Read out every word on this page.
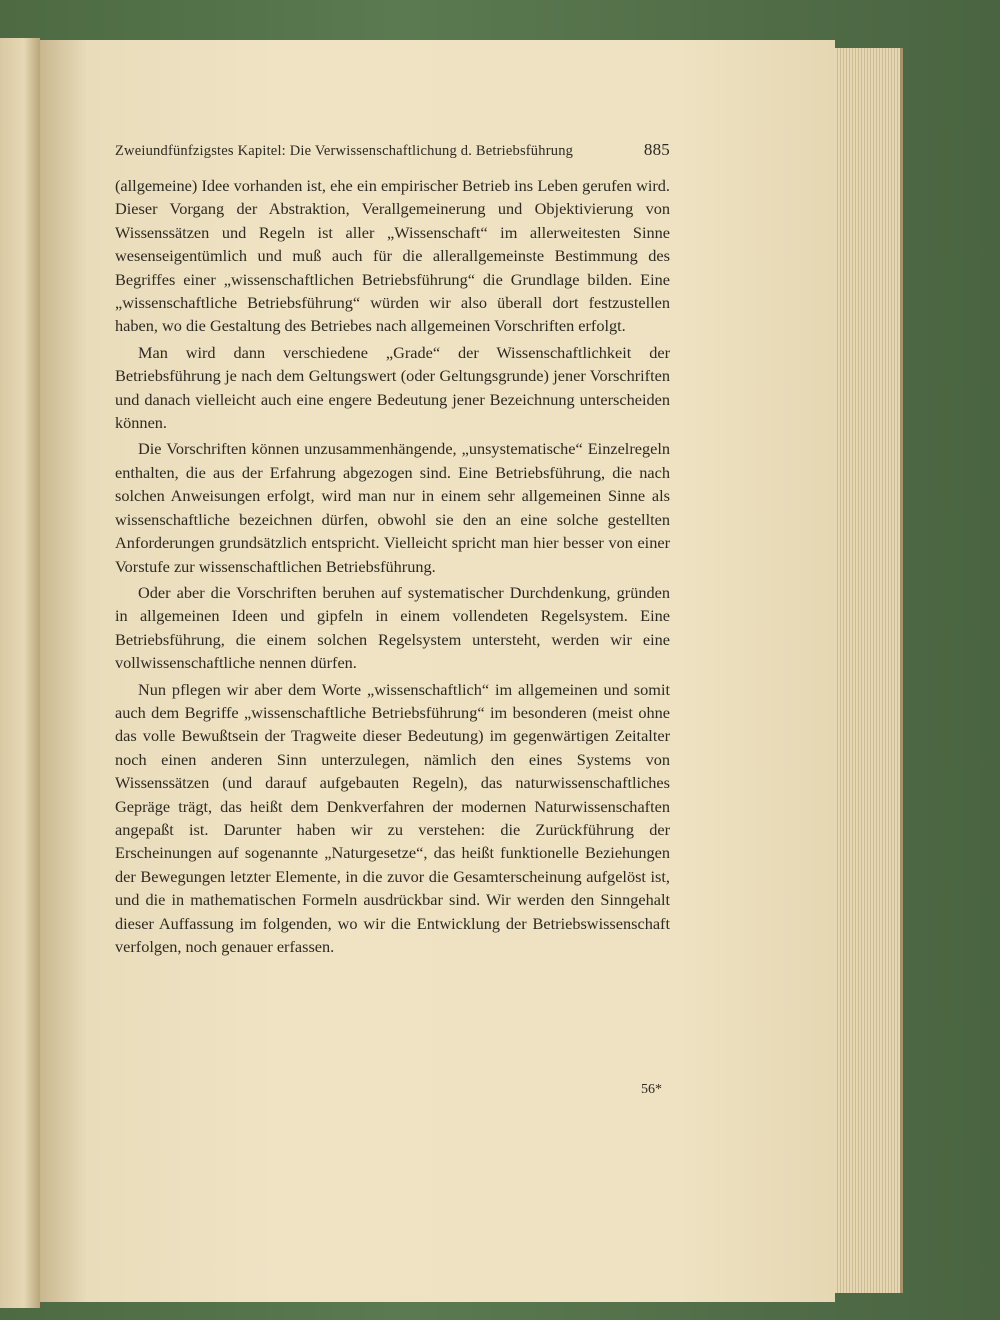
Zweiundfünfzigstes Kapitel: Die Verwissenschaftlichung d. Betriebsführung	885

(allgemeine) Idee vorhanden ist, ehe ein empirischer Betrieb ins Leben gerufen wird. Dieser Vorgang der Abstraktion, Verallgemeinerung und Objektivierung von Wissenssätzen und Regeln ist aller „Wissenschaft“ im allerweitesten Sinne wesenseigentümlich und muß auch für die allerallgemeinste Bestimmung des Begriffes einer „wissenschaftlichen Betriebsführung“ die Grundlage bilden. Eine „wissenschaftliche Betriebsführung“ würden wir also überall dort festzustellen haben, wo die Gestaltung des Betriebes nach allgemeinen Vorschriften erfolgt.

Man wird dann verschiedene „Grade“ der Wissenschaftlichkeit der Betriebsführung je nach dem Geltungswert (oder Geltungsgrunde) jener Vorschriften und danach vielleicht auch eine engere Bedeutung jener Bezeichnung unterscheiden können.

Die Vorschriften können unzusammenhängende, „unsystematische“ Einzelregeln enthalten, die aus der Erfahrung abgezogen sind. Eine Betriebsführung, die nach solchen Anweisungen erfolgt, wird man nur in einem sehr allgemeinen Sinne als wissenschaftliche bezeichnen dürfen, obwohl sie den an eine solche gestellten Anforderungen grundsätzlich entspricht. Vielleicht spricht man hier besser von einer Vorstufe zur wissenschaftlichen Betriebsführung.

Oder aber die Vorschriften beruhen auf systematischer Durchdenkung, gründen in allgemeinen Ideen und gipfeln in einem vollendeten Regelsystem. Eine Betriebsführung, die einem solchen Regelsystem untersteht, werden wir eine vollwissenschaftliche nennen dürfen.

Nun pflegen wir aber dem Worte „wissenschaftlich“ im allgemeinen und somit auch dem Begriffe „wissenschaftliche Betriebsführung“ im besonderen (meist ohne das volle Bewußtsein der Tragweite dieser Bedeutung) im gegenwärtigen Zeitalter noch einen anderen Sinn unterzulegen, nämlich den eines Systems von Wissenssätzen (und darauf aufgebauten Regeln), das naturwissenschaftliches Gepräge trägt, das heißt dem Denkverfahren der modernen Naturwissenschaften angepaßt ist. Darunter haben wir zu verstehen: die Zurückführung der Erscheinungen auf sogenannte „Naturgesetze“, das heißt funktionelle Beziehungen der Bewegungen letzter Elemente, in die zuvor die Gesamterscheinung aufgelöst ist, und die in mathematischen Formeln ausdrückbar sind. Wir werden den Sinngehalt dieser Auffassung im folgenden, wo wir die Entwicklung der Betriebswissenschaft verfolgen, noch genauer erfassen.

56*
